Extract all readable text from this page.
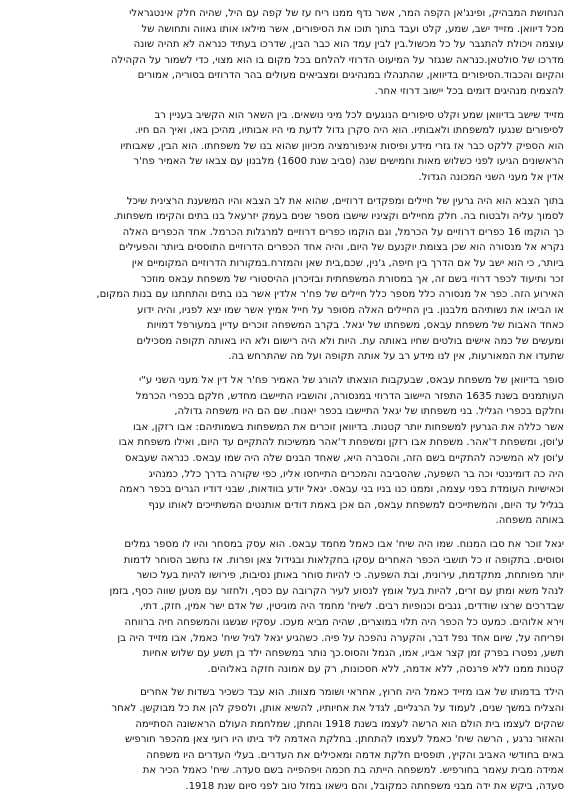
הנחושת המבהיק, ופינג'אן הקפה המר, אשר נדף ממנו ריח עז של קפה עם היל, שהיה חלק אינטגראלי
מכל דיוואן. מזייד ישב, שמע, קלט ועבד בתוך תוכו את הסיפורים, אשר מילאו אותו גאווה ותחושה של
עוצמה ויכולת להתגבר על כל מכשול.בין לבין עמד הוא כבר הבין, שדרכו בעתיד כנראה לא תהיה שונה
מדרכו של סולטאן.כנראה שנגזר על המיעוט הדרוזי להלחם בכל מקום בו הוא מצוי, כדי לשמור על הקהילה
והקיום והכבוד.הסיפורים בדיוואן, שהתנהלו במנהיגים ומצביאים מעולים בהר הדרוזים בסוריה, אמורים
להצמיח מנהיגים דומים בכל יישוב דרוזי אחר.
מזייד שישב בדיוואן שמע וקלט סיפורים הנוגעים לכל מיני נושאים. בין השאר הוא הקשיב בעניין רב
לסיפורים שנגעו למשפחתו ולאבותיו. הוא היה סקרן גדול לדעת מי היו אבותיו, מהיכן באו, ואיך הם חיו.
הוא הספיק ללקט כבר אז גזרי מידע ופיסות אינפורמציה מכיוון שהוא בנו של משפחתו. הוא הבין, שאבותיו
הראשונים הגיעו לפני כשלוש מאות וחמישים שנה (סביב שנת 1600) מלבנון עם צבאו של האמיר פח'ר
אדין אל מעני השני המכונה הגדול.
בתוך הצבא הוא היה גרעין של חיילים ומפקדים דרוזיים, שהוא את לב הצבא והיו המשענת הרצינית שיכל
לסמוך עליה ולבטוח בה. חלק מחיילים וקציניו שישבו מספר שנים בעמק יזרעאל בנו בתים והקימו משפחות.
כך הוקמו 16 כפרים דרוזיים על הכרמל, וגם הוקמו כפרים דרוזיים למרגלות הכרמל. אחד הכפרים האלה
נקרא אל מנסורה הוא שכן בצומת יוקנעם של היום, והיה אחד הכפרים הדרוזיים התוססים ביותר והפעילים
ביותר, כי הוא ישב על אם הדרך בין חיפה, ג'נין, שכם,בית שאן והמזרח.במקורות הדרוזיים המקומיים אין
זכר ותיעוד לכפר דרוזי בשם זה, אך במסורת המשפחתית ובזיכרון ההיסטורי של משפחת עבאס מוזכר
האירוע הזה. כפר אל מנסורה כלל מספר כלל חיילים של פח'ר אלדין אשר בנו בתים והתחתנו עם בנות המקום,
או הביאו את נשותיהם מלבנון. בין החיילים האלה מסופר על חייל אמיץ אשר שמו יצא לפניו, והיה ידוע
כאחד האבות של משפחת עבאס, משפחתו של יגאל. בקרב המשפחה זוכרים עדיין במעורפל דמויות
ומעשים של כמה אישים בולטים שחיו באותה עת. היות ולא היה רישום ולא היו באותה תקופה מסכילים
שתעדו את המאורעות, אין לנו מידע רב על אותה תקופה ועל מה שהתרחש בה.
סופר בדיוואן של משפחת עבאס, שבעקבות הוצאתו להורג של האמיר פח'ר אל דין אל מעני השני ע"י
העותמנים בשנת 1635 התפזר היישוב הדרוזי במנסורה, והושביו התיישבו מחדש, חלקם בכפרי הכרמל
וחלקם בכפרי הגליל. בני משפחתו של יגאל התיישבו בכפר יאנוח. שם הם היו משפחה גדולה,
אשר כללה את הגרעין למשפחות יותר קטנות. בדיוואן זוכרים את המשפחות בשמותיהם: אבו רזקן, אבו
ע'וסן, ומשפחת ד'אהר. משפחת אבו רזקן ומשפחת ד'אהר ממשיכות להתקיים עד היום, ואילו משפחת אבו
ע'וסן לא המשיכה להתקיים בשם הזה, והסברה היא, שאחד הבנים שלה היה שמו עבאס. כנראה שעבאס
היה כה דומיננטי וכה בר השפעה, שהסביבה והמכרים התייחסו אליו, כפי שקורה בדרך כלל, כמנהיג
וכאישיות העומדת בפני עצמה, וממנו כנו בניו בני עבאס. יגאל יודע בוודאות, שבני דודיו הגרים בכפר ראמה
בגליל עד היום, והמשתייכים למשפחת עבאס, הם אכן באמת דודים אותנטים המשתייכים לאותו ענף
באותה משפחה.
יגאל זוכר את סבו המנוח. שמו היה שיח' אבו כאמל מחמד עבאס. הוא עסק במסחר והיו לו מספר גמלים
וסוסים. בתקופה זו כל תושבי הכפר האחרים עסקו בחקלאות ובגידול צאן ופרות. אז נחשב הסוחר לדמות
יותר מפותחת, מתקדמת, עירונית, ובת השפעה. כי להיות סוחר באותן נסיבות, פירושו להיות בעל כושר
לנהל משא ומתן עם זרים, להיות בעל אומץ לנסוע לעיר הקרובה עם כסף, ולחזור עם מטען שווה כסף, בזמן
שבדרכים שרצו שודדים, גנבים וכנופיות רבים. לשיח' מחמד היה מוניטין, של אדם ישר אמין, חזק, דתי,
וירא אלוהים. כמעט כל הכפר היה תלוי במוצרים, שהיה מביא מעכו. עסקיו שגשגו והמשפחה חיה ברווחה
ופריחה על, שיום אחד נפל דבר, והקערה נהפכה על פיה. כשהגיע יגאל לגיל שיח' כאמל, אבו מזייד היה בן
תשע, נפטרו בפרק זמן קצר אביו, אמו, הגמל והסוס.כך נותר במשפחה ילד בן תשע עם שלוש אחיות
קטנות ממנו ללא פרנסה, ללא אדמה, ללא חסכונות, רק עם אמונה חזקה באלוהים.
הילד בדמותו של אבו מזייד כאמל היה חרוץ, אחראי ושומר מצוות. הוא עבד כשכיר בשדות של אחרים
והצליח במשך שנים, לעמוד על הרגליים, לגדל את אחיותיו, להשיא אותן, ולספק להן את כל מבוקשן. לאחר
שהקים לעצמו בית הולם הוא הרשה לעצמו בשנת 1918 והחתן, שמלחמת העולם הראשונה הסתיימה
והאזור נרגע , הרשה שיח' כאמל לעצמו להתחתן. בחלקת האדמה ליד ביתו היו רועי צאן מהכפר חורפיש
באים בחודשי האביב והקיץ, תופסים חלקת אדמה ומאכילים את העדרים. בעלי העדרים היו משפחה
אמידה מבית עאמר בחורפיש. למשפחה הייתה בת חכמה ויפהפייה בשם סעדה. שיח' כאמל הכיר את
סעדה, ביקש את ידה מבני משפחתה כמקובל, והם נישאו במזל טוב לפני סיום שנת 1918.
